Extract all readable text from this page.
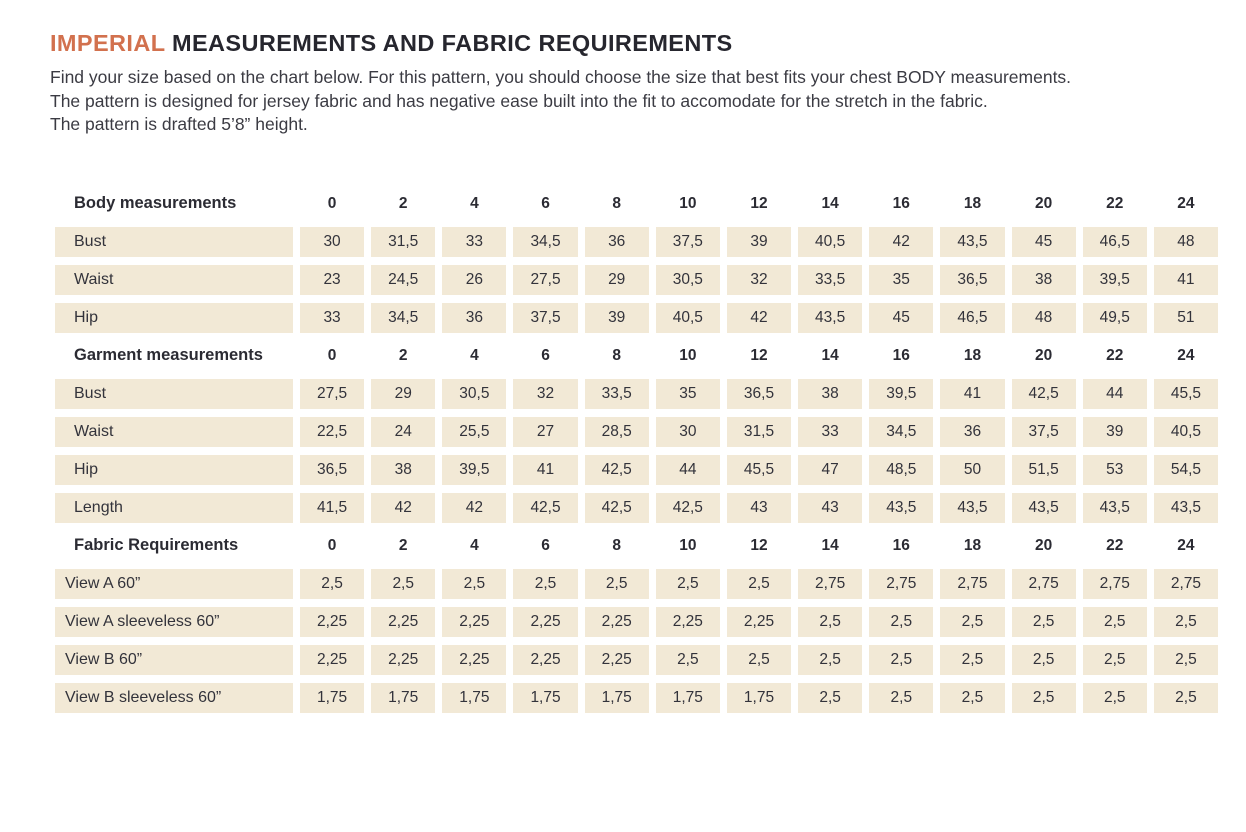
IMPERIAL MEASUREMENTS AND FABRIC REQUIREMENTS
Find your size based on the chart below. For this pattern, you should choose the size that best fits your chest BODY measurements.
The pattern is designed for jersey fabric and has negative ease built into the fit to accomodate for the stretch in the fabric.
The pattern is drafted 5’8” height.
Body measurements	0	2	4	6	8	10	12	14	16	18	20	22	24
Bust	30	31,5	33	34,5	36	37,5	39	40,5	42	43,5	45	46,5	48
Waist	23	24,5	26	27,5	29	30,5	32	33,5	35	36,5	38	39,5	41
Hip	33	34,5	36	37,5	39	40,5	42	43,5	45	46,5	48	49,5	51
Garment measurements	0	2	4	6	8	10	12	14	16	18	20	22	24
Bust	27,5	29	30,5	32	33,5	35	36,5	38	39,5	41	42,5	44	45,5
Waist	22,5	24	25,5	27	28,5	30	31,5	33	34,5	36	37,5	39	40,5
Hip	36,5	38	39,5	41	42,5	44	45,5	47	48,5	50	51,5	53	54,5
Length	41,5	42	42	42,5	42,5	42,5	43	43	43,5	43,5	43,5	43,5	43,5
Fabric Requirements	0	2	4	6	8	10	12	14	16	18	20	22	24
View A 60”	2,5	2,5	2,5	2,5	2,5	2,5	2,5	2,75	2,75	2,75	2,75	2,75	2,75
View A sleeveless 60”	2,25	2,25	2,25	2,25	2,25	2,25	2,25	2,5	2,5	2,5	2,5	2,5	2,5
View B 60”	2,25	2,25	2,25	2,25	2,25	2,5	2,5	2,5	2,5	2,5	2,5	2,5	2,5
View B sleeveless 60”	1,75	1,75	1,75	1,75	1,75	1,75	1,75	2,5	2,5	2,5	2,5	2,5	2,5
